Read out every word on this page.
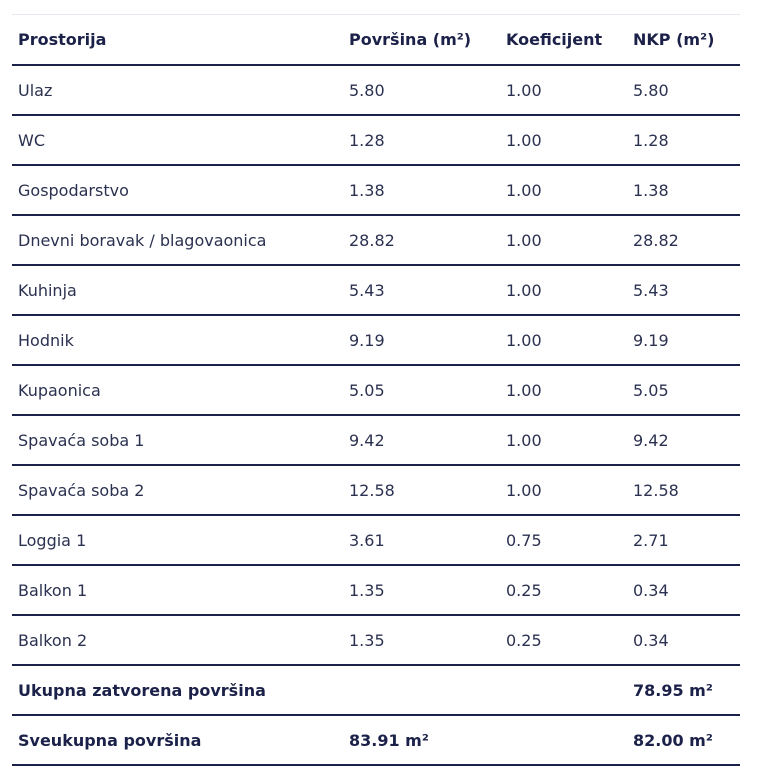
Prostorija	Površina (m²)	Koeficijent	NKP (m²)
Ulaz	5.80	1.00	5.80
WC	1.28	1.00	1.28
Gospodarstvo	1.38	1.00	1.38
Dnevni boravak / blagovaonica	28.82	1.00	28.82
Kuhinja	5.43	1.00	5.43
Hodnik	9.19	1.00	9.19
Kupaonica	5.05	1.00	5.05
Spavaća soba 1	9.42	1.00	9.42
Spavaća soba 2	12.58	1.00	12.58
Loggia 1	3.61	0.75	2.71
Balkon 1	1.35	0.25	0.34
Balkon 2	1.35	0.25	0.34
Ukupna zatvorena površina			78.95 m²
Sveukupna površina	83.91 m²		82.00 m²
